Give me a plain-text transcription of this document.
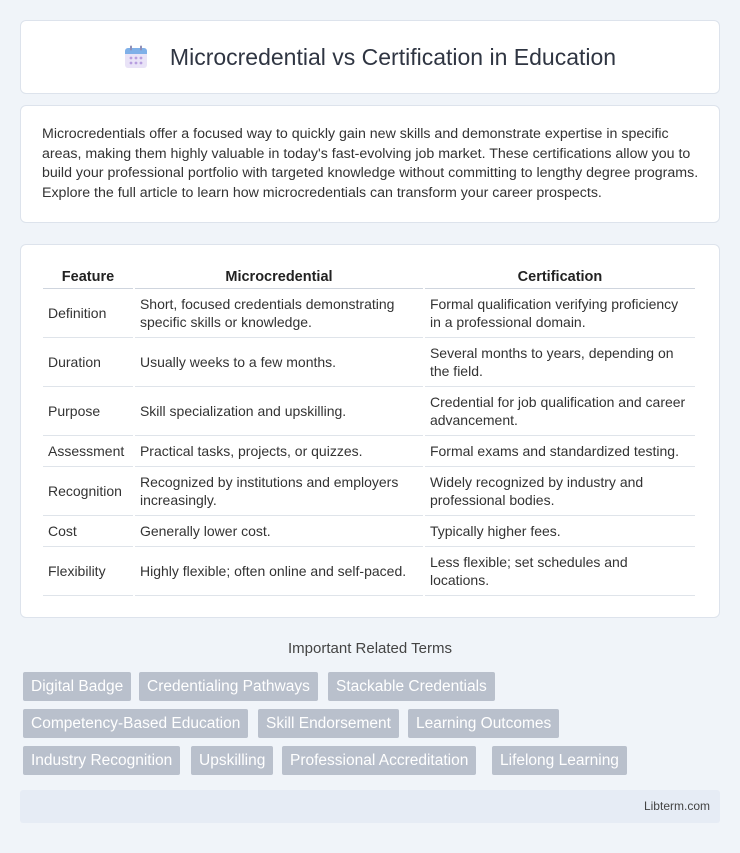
Microcredential vs Certification in Education

Microcredentials offer a focused way to quickly gain new skills and demonstrate expertise in specific areas, making them highly valuable in today's fast-evolving job market. These certifications allow you to build your professional portfolio with targeted knowledge without committing to lengthy degree programs. Explore the full article to learn how microcredentials can transform your career prospects.

Feature	Microcredential	Certification
Definition	Short, focused credentials demonstrating specific skills or knowledge.	Formal qualification verifying proficiency in a professional domain.
Duration	Usually weeks to a few months.	Several months to years, depending on the field.
Purpose	Skill specialization and upskilling.	Credential for job qualification and career advancement.
Assessment	Practical tasks, projects, or quizzes.	Formal exams and standardized testing.
Recognition	Recognized by institutions and employers increasingly.	Widely recognized by industry and professional bodies.
Cost	Generally lower cost.	Typically higher fees.
Flexibility	Highly flexible; often online and self-paced.	Less flexible; set schedules and locations.
Important Related Terms
Digital Badge	Credentialing Pathways	Stackable Credentials
Competency-Based Education	Skill Endorsement	Learning Outcomes
Industry Recognition	Upskilling	Professional Accreditation	Lifelong Learning
Libterm.com
